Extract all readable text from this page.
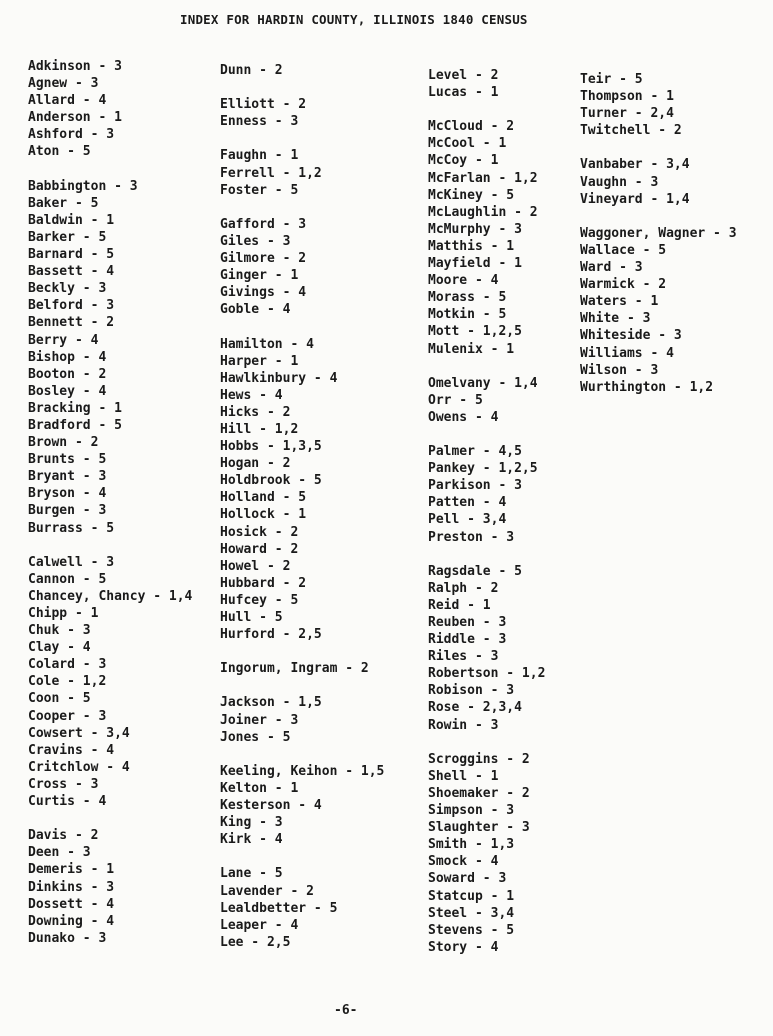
INDEX FOR HARDIN COUNTY, ILLINOIS 1840 CENSUS
Adkinson - 3
Agnew - 3
Allard - 4
Anderson - 1
Ashford - 3
Aton - 5
Babbington - 3
Baker - 5
Baldwin - 1
Barker - 5
Barnard - 5
Bassett - 4
Beckly - 3
Belford - 3
Bennett - 2
Berry - 4
Bishop - 4
Booton - 2
Bosley - 4
Bracking - 1
Bradford - 5
Brown - 2
Brunts - 5
Bryant - 3
Bryson - 4
Burgen - 3
Burrass - 5
Calwell - 3
Cannon - 5
Chancey, Chancy - 1,4
Chipp - 1
Chuk - 3
Clay - 4
Colard - 3
Cole - 1,2
Coon - 5
Cooper - 3
Cowsert - 3,4
Cravins - 4
Critchlow - 4
Cross - 3
Curtis - 4
Davis - 2
Deen - 3
Demeris - 1
Dinkins - 3
Dossett - 4
Downing - 4
Dunako - 3
Dunn - 2
Elliott - 2
Enness - 3
Faughn - 1
Ferrell - 1,2
Foster - 5
Gafford - 3
Giles - 3
Gilmore - 2
Ginger - 1
Givings - 4
Goble - 4
Hamilton - 4
Harper - 1
Hawlkinbury - 4
Hews - 4
Hicks - 2
Hill - 1,2
Hobbs - 1,3,5
Hogan - 2
Holdbrook - 5
Holland - 5
Hollock - 1
Hosick - 2
Howard - 2
Howel - 2
Hubbard - 2
Hufcey - 5
Hull - 5
Hurford - 2,5
Ingorum, Ingram - 2
Jackson - 1,5
Joiner - 3
Jones - 5
Keeling, Keihon - 1,5
Kelton - 1
Kesterson - 4
King - 3
Kirk - 4
Lane - 5
Lavender - 2
Lealdbetter - 5
Leaper - 4
Lee - 2,5
Level - 2
Lucas - 1
McCloud - 2
McCool - 1
McCoy - 1
McFarlan - 1,2
McKiney - 5
McLaughlin - 2
McMurphy - 3
Matthis - 1
Mayfield - 1
Moore - 4
Morass - 5
Motkin - 5
Mott - 1,2,5
Mulenix - 1
Omelvany - 1,4
Orr - 5
Owens - 4
Palmer - 4,5
Pankey - 1,2,5
Parkison - 3
Patten - 4
Pell - 3,4
Preston - 3
Ragsdale - 5
Ralph - 2
Reid - 1
Reuben - 3
Riddle - 3
Riles - 3
Robertson - 1,2
Robison - 3
Rose - 2,3,4
Rowin - 3
Scroggins - 2
Shell - 1
Shoemaker - 2
Simpson - 3
Slaughter - 3
Smith - 1,3
Smock - 4
Soward - 3
Statcup - 1
Steel - 3,4
Stevens - 5
Story - 4
Teir - 5
Thompson - 1
Turner - 2,4
Twitchell - 2
Vanbaber - 3,4
Vaughn - 3
Vineyard - 1,4
Waggoner, Wagner - 3
Wallace - 5
Ward - 3
Warmick - 2
Waters - 1
White - 3
Whiteside - 3
Williams - 4
Wilson - 3
Wurthington - 1,2
-6-
